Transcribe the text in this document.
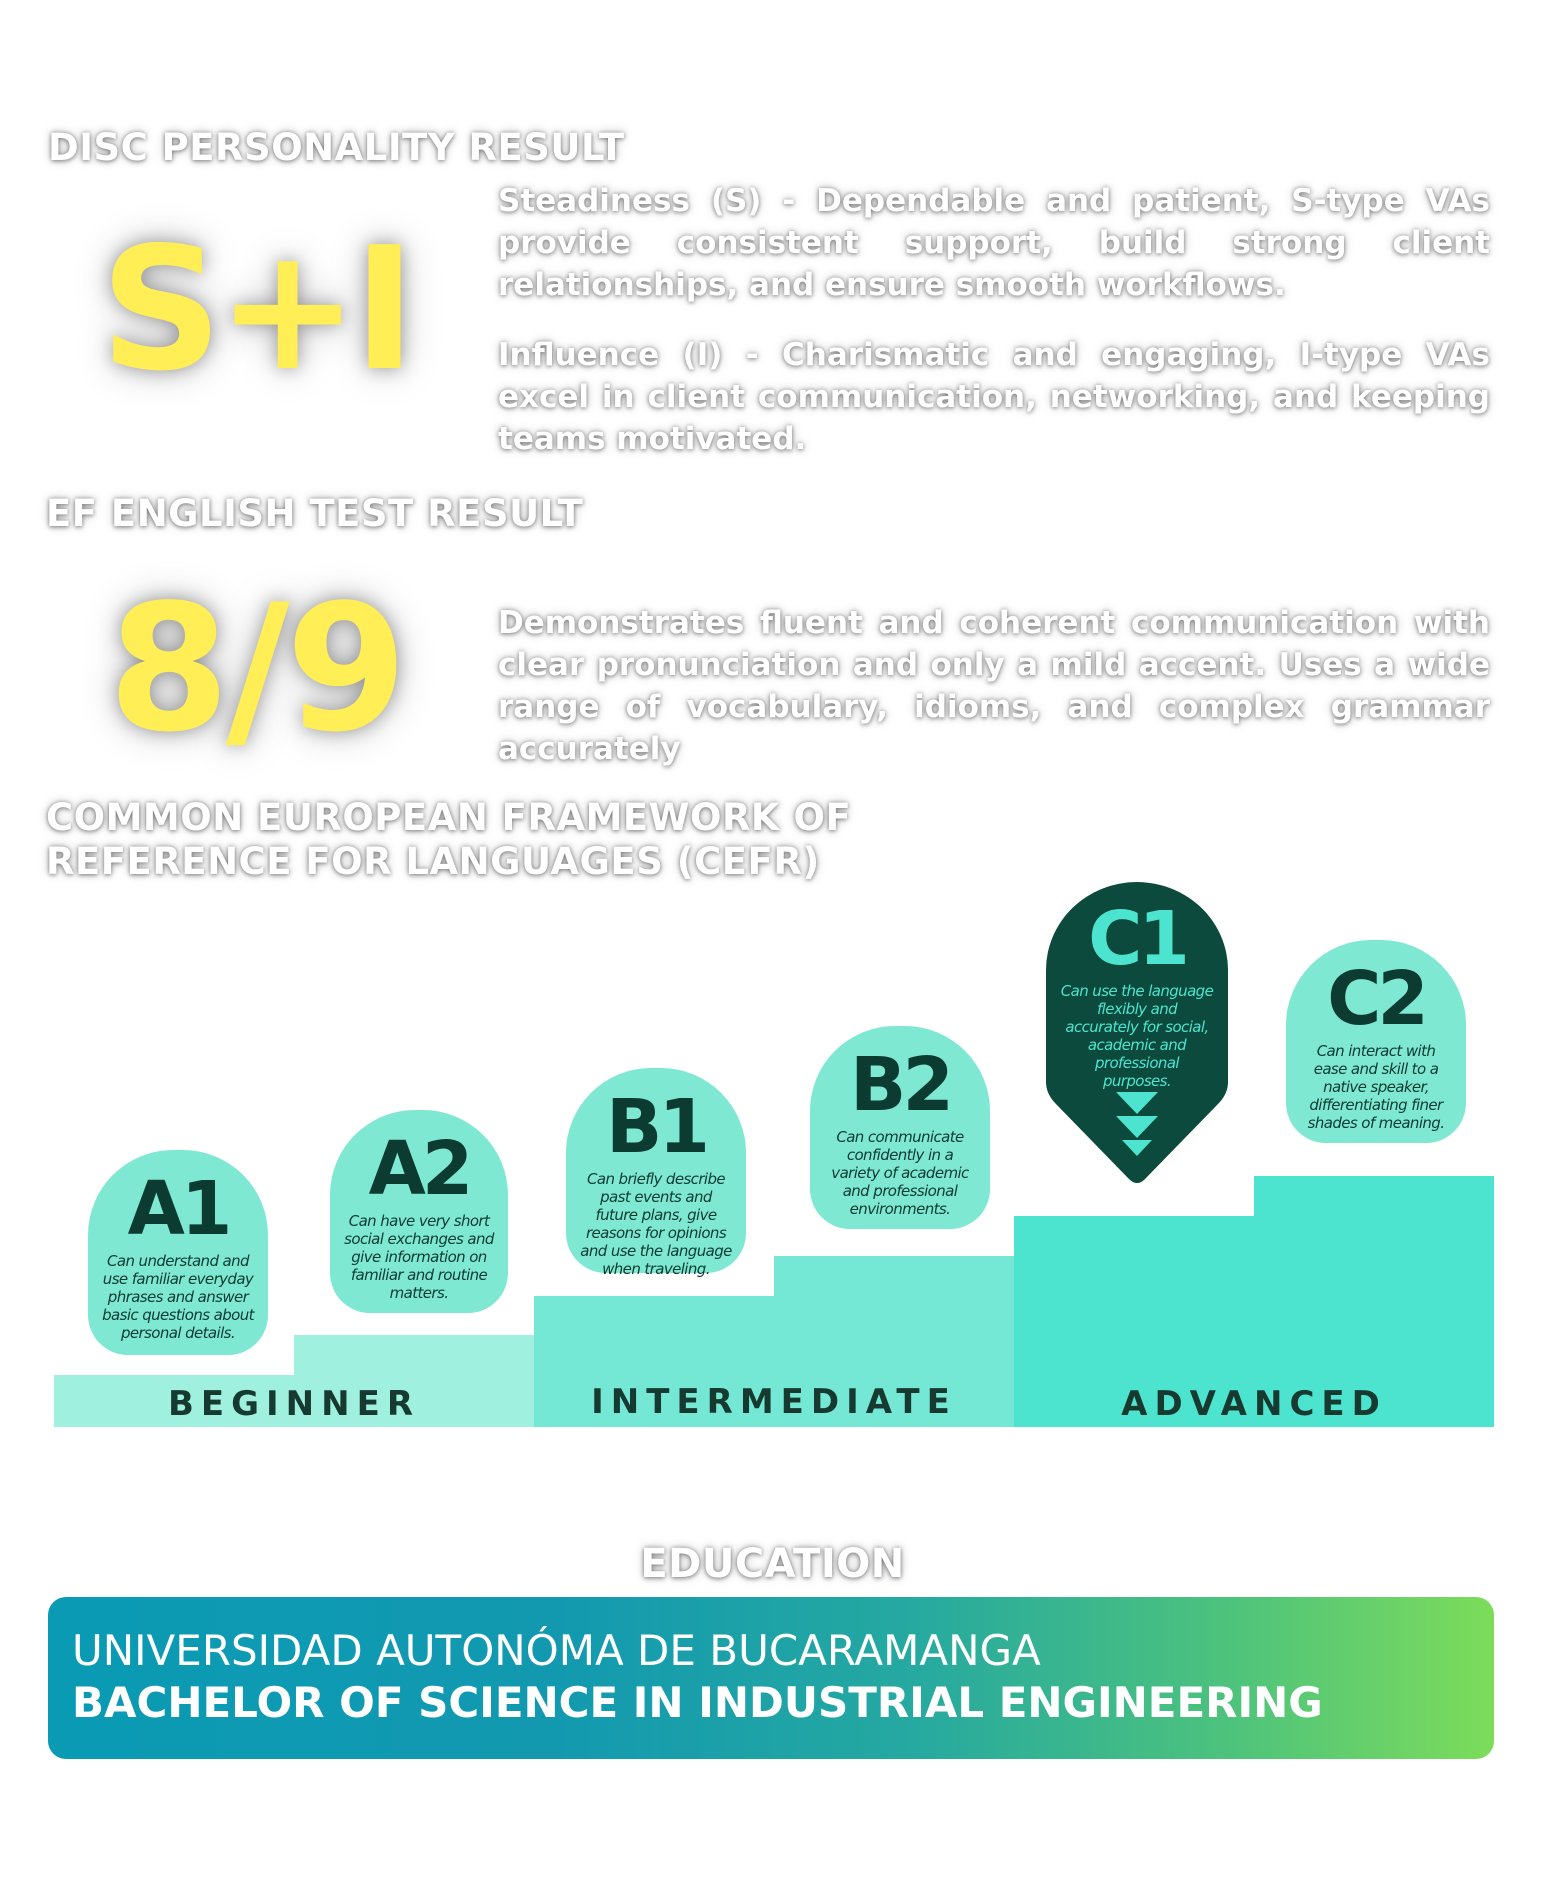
DISC PERSONALITY RESULT
S+I
Steadiness (S) - Dependable and patient, S-type VAs provide consistent support, build strong client relationships, and ensure smooth workflows.
Influence (I) - Charismatic and engaging, I-type VAs excel in client communication, networking, and keeping teams motivated.
EF ENGLISH TEST RESULT
8/9	Demonstrates fluent and coherent communication with clear pronunciation and only a mild accent. Uses a wide range of vocabulary, idioms, and complex grammar accurately
COMMON EUROPEAN FRAMEWORK OF
REFERENCE FOR LANGUAGES (CEFR)
BEGINNER	INTERMEDIATE	ADVANCED
A1
Can understand and use familiar everyday phrases and answer basic questions about personal details.
A2
Can have very short social exchanges and give information on familiar and routine matters.
B1
Can briefly describe past events and future plans, give reasons for opinions and use the language when traveling.
B2
Can communicate confidently in a variety of academic and professional environments.
C1
Can use the language flexibly and accurately for social, academic and professional purposes.
C2
Can interact with ease and skill to a native speaker, differentiating finer shades of meaning.
EDUCATION
UNIVERSIDAD AUTONÓMA DE BUCARAMANGA
BACHELOR OF SCIENCE IN INDUSTRIAL ENGINEERING
